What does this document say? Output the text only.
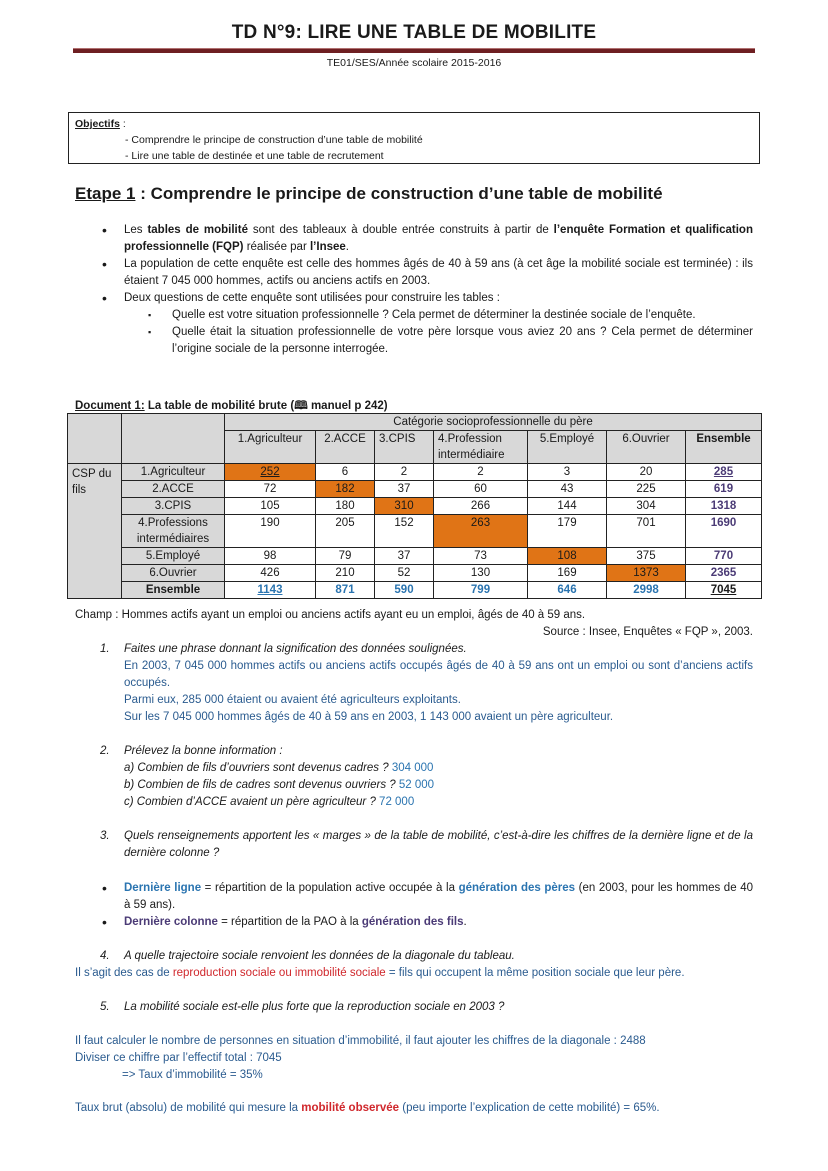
TD N°9: LIRE UNE TABLE DE MOBILITE
TE01/SES/Année scolaire 2015-2016
Objectifs :
- Comprendre le principe de construction d’une table de mobilité
- Lire une table de destinée et une table de recrutement
Etape 1 : Comprendre le principe de construction d’une table de mobilité
• Les tables de mobilité sont des tableaux à double entrée construits à partir de l’enquête Formation et qualification professionnelle (FQP) réalisée par l’Insee.
• La population de cette enquête est celle des hommes âgés de 40 à 59 ans (à cet âge la mobilité sociale est terminée) : ils étaient 7 045 000 hommes, actifs ou anciens actifs en 2003.
• Deux questions de cette enquête sont utilisées pour construire les tables :
▪ Quelle est votre situation professionnelle ? Cela permet de déterminer la destinée sociale de l’enquête.
▪ Quelle était la situation professionnelle de votre père lorsque vous aviez 20 ans ? Cela permet de déterminer l’origine sociale de la personne interrogée.
Document 1: La table de mobilité brute (🕮 manuel p 242)
		Catégorie socioprofessionnelle du père						
		1.Agriculteur	2.ACCE	3.CPIS	4.Profession intermédiaire	5.Employé	6.Ouvrier	Ensemble
CSP du fils	1.Agriculteur	252	6	2	2	3	20	285
	2.ACCE	72	182	37	60	43	225	619
	3.CPIS	105	180	310	266	144	304	1318
	4.Professions intermédiaires	190	205	152	263	179	701	1690
	5.Employé	98	79	37	73	108	375	770
	6.Ouvrier	426	210	52	130	169	1373	2365
	Ensemble	1143	871	590	799	646	2998	7045
Champ : Hommes actifs ayant un emploi ou anciens actifs ayant eu un emploi, âgés de 40 à 59 ans.
Source : Insee, Enquêtes « FQP », 2003.
1. Faites une phrase donnant la signification des données soulignées.
En 2003, 7 045 000 hommes actifs ou anciens actifs occupés âgés de 40 à 59 ans ont un emploi ou sont d’anciens actifs occupés.
Parmi eux, 285 000 étaient ou avaient été agriculteurs exploitants.
Sur les 7 045 000 hommes âgés de 40 à 59 ans en 2003, 1 143 000 avaient un père agriculteur.
2. Prélevez la bonne information :
a) Combien de fils d’ouvriers sont devenus cadres ? 304 000
b) Combien de fils de cadres sont devenus ouvriers ? 52 000
c) Combien d’ACCE avaient un père agriculteur ? 72 000
3.	Quels renseignements apportent les « marges » de la table de mobilité, c’est-à-dire les chiffres de la dernière ligne et de la dernière colonne ?
• Dernière ligne = répartition de la population active occupée à la génération des pères (en 2003, pour les hommes de 40 à 59 ans).
• Dernière colonne = répartition de la PAO à la génération des fils.
4. A quelle trajectoire sociale renvoient les données de la diagonale du tableau.
Il s’agit des cas de reproduction sociale ou immobilité sociale = fils qui occupent la même position sociale que leur père.
5. La mobilité sociale est-elle plus forte que la reproduction sociale en 2003 ?
Il faut calculer le nombre de personnes en situation d’immobilité, il faut ajouter les chiffres de la diagonale : 2488
Diviser ce chiffre par l’effectif total : 7045
=> Taux d’immobilité = 35%
Taux brut (absolu) de mobilité qui mesure la mobilité observée (peu importe l’explication de cette mobilité) = 65%.
